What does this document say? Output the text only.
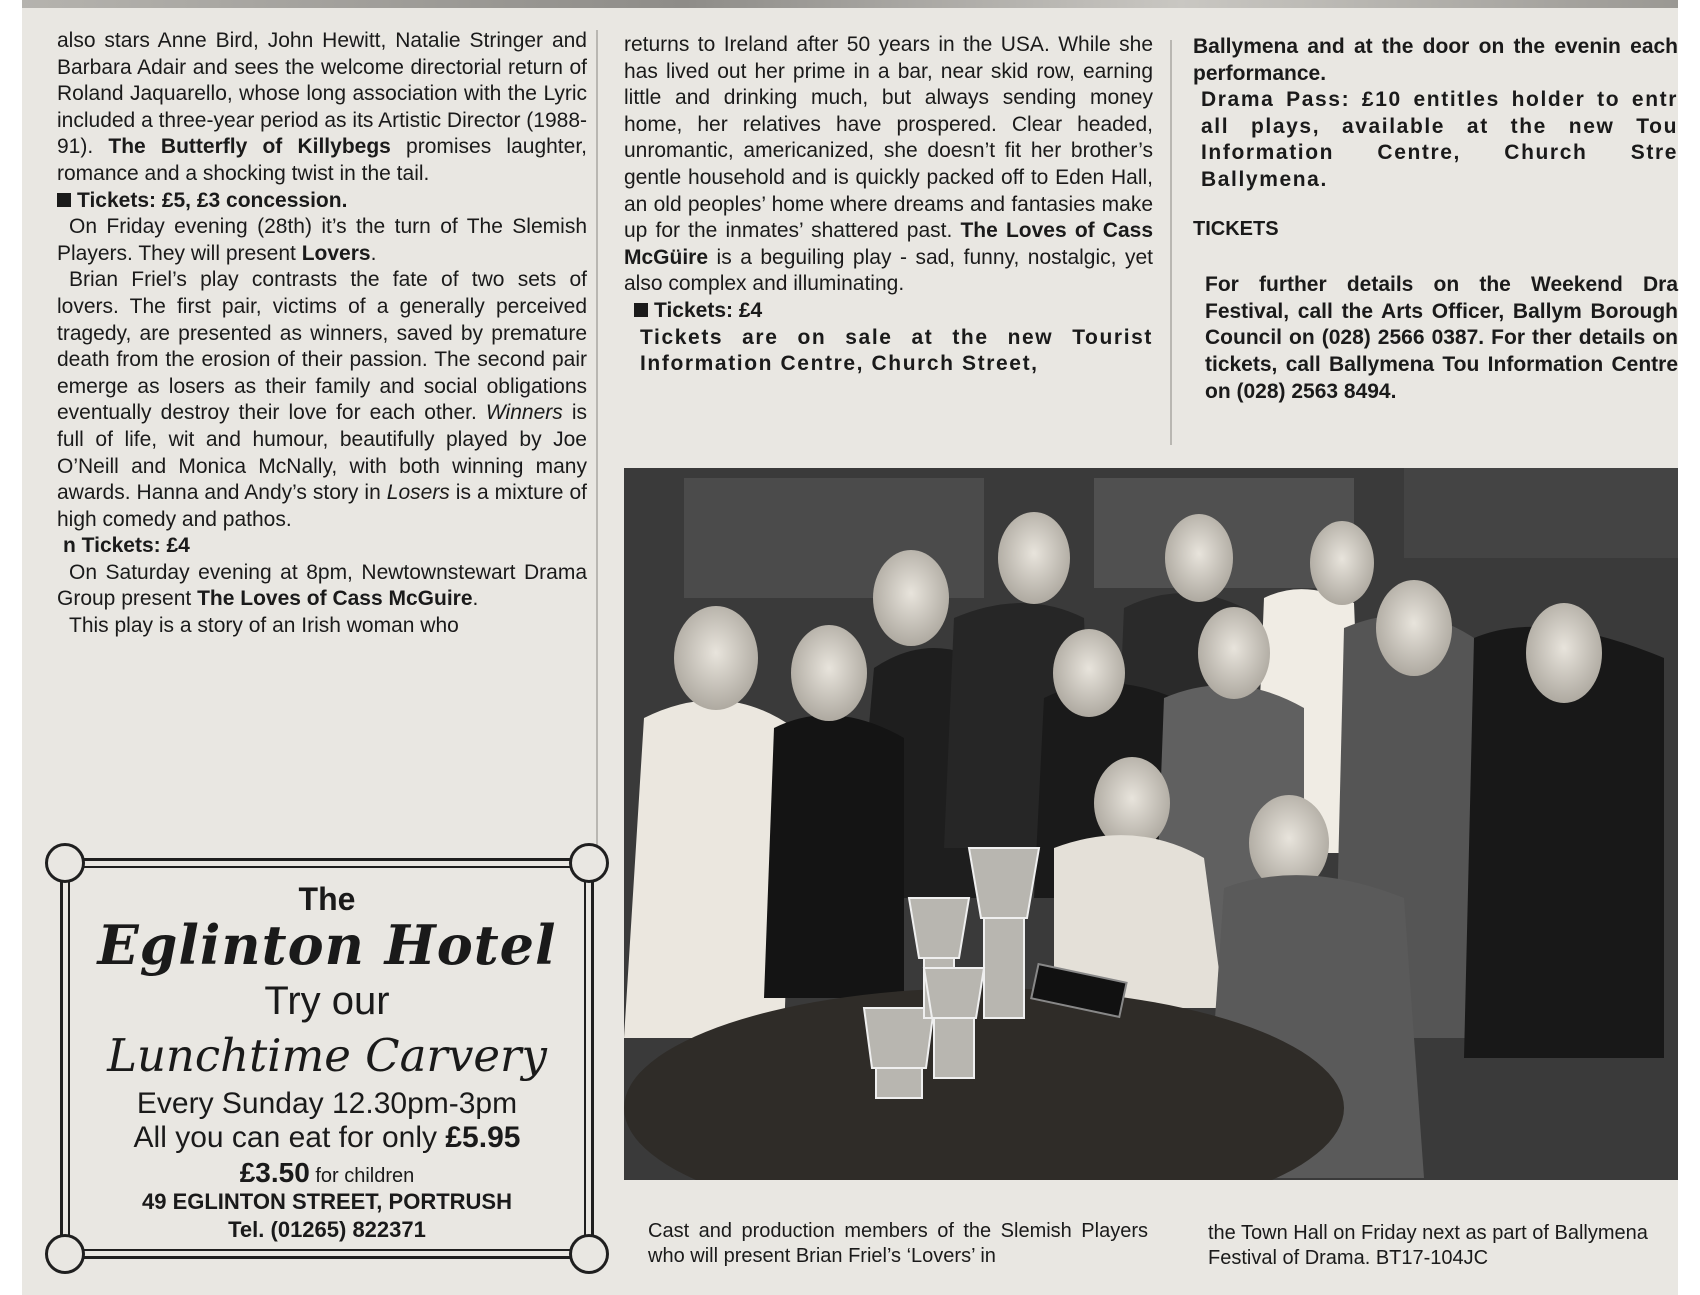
also stars Anne Bird, John Hewitt, Natalie Stringer and Barbara Adair and sees the welcome directorial return of Roland Jaquarello, whose long association with the Lyric included a three-year period as its Artistic Director (1988-91). The Butterfly of Killybegs promises laughter, romance and a shocking twist in the tail.

Tickets: £5, £3 concession.

On Friday evening (28th) it’s the turn of The Slemish Players. They will present Lovers.

Brian Friel’s play contrasts the fate of two sets of lovers. The first pair, victims of a generally perceived tragedy, are presented as winners, saved by premature death from the erosion of their passion. The second pair emerge as losers as their family and social obligations eventually destroy their love for each other. Winners is full of life, wit and humour, beautifully played by Joe O’Neill and Monica McNally, with both winning many awards. Hanna and Andy’s story in Losers is a mixture of high comedy and pathos.

n Tickets: £4

On Saturday evening at 8pm, Newtownstewart Drama Group present The Loves of Cass McGuire.

This play is a story of an Irish woman who

returns to Ireland after 50 years in the USA. While she has lived out her prime in a bar, near skid row, earning little and drinking much, but always sending money home, her relatives have prospered. Clear headed, unromantic, americanized, she doesn’t fit her brother’s gentle household and is quickly packed off to Eden Hall, an old peoples’ home where dreams and fantasies make up for the inmates’ shattered past. The Loves of Cass McGüire is a beguiling play - sad, funny, nostalgic, yet also complex and illuminating.

Tickets: £4

Tickets are on sale at the new Tourist Information Centre, Church Street,

Ballymena and at the door on the evenin each performance.

Drama Pass: £10 entitles holder to entr all plays, available at the new Tou Information Centre, Church Stre Ballymena.

TICKETS

For further details on the Weekend Dra Festival, call the Arts Officer, Ballym Borough Council on (028) 2566 0387. For ther details on tickets, call Ballymena Tou Information Centre on (028) 2563 8494.

The
Eglinton Hotel
Try our
Lunchtime Carvery
Every Sunday 12.30pm-3pm
All you can eat for only £5.95
£3.50 for children
49 EGLINTON STREET, PORTRUSH
Tel. (01265) 822371	Cast and production members of the Slemish Players who will present Brian Friel’s ‘Lovers’ in
the Town Hall on Friday next as part of Ballymena Festival of Drama. BT17-104JC
